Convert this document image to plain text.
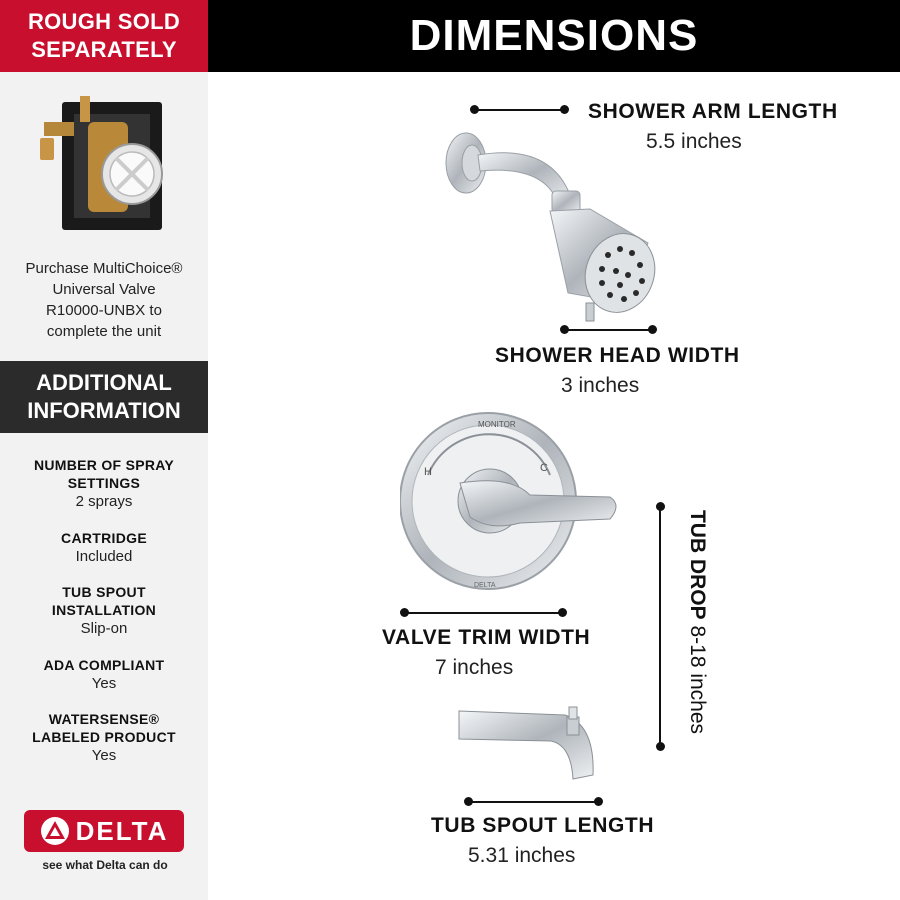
ROUGH SOLD
SEPARATELY
Purchase MultiChoice®
Universal Valve
R10000-UNBX to
complete the unit
ADDITIONAL
INFORMATION
NUMBER OF SPRAY
SETTINGS
2 sprays
CARTRIDGE
Included
TUB SPOUT
INSTALLATION
Slip-on
ADA COMPLIANT
Yes
WATERSENSE®
LABELED PRODUCT
Yes
DELTA
see what Delta can do
DIMENSIONS
SHOWER ARM LENGTH
5.5 inches
SHOWER HEAD WIDTH
3 inches
MONITOR
H	C
DELTA
VALVE TRIM WIDTH
7 inches
TUB DROP 8-18 inches
TUB SPOUT LENGTH
5.31 inches
